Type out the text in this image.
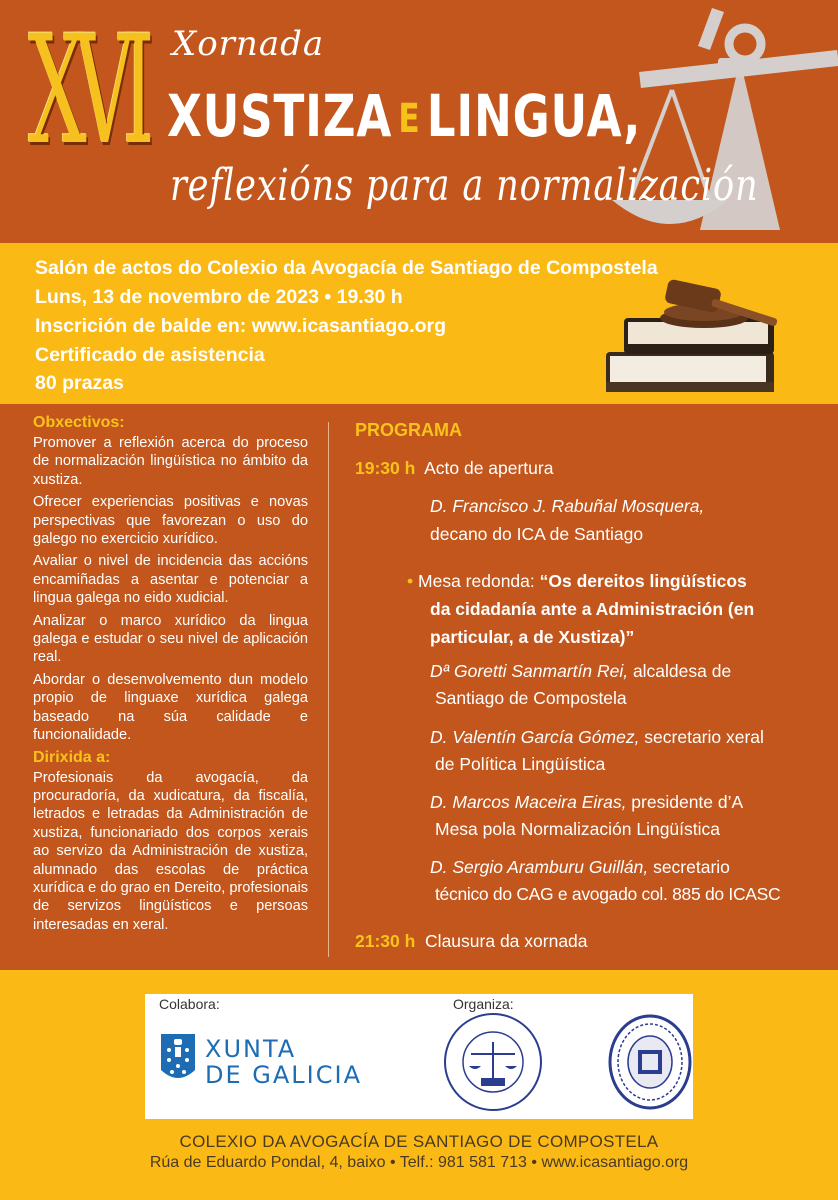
XVI Xornada
XUSTIZA E LINGUA,
reflexións para a normalización
Salón de actos do Colexio da Avogacía de Santiago de Compostela
Luns, 13 de novembro de 2023 • 19.30 h
Inscrición de balde en: www.icasantiago.org
Certificado de asistencia
80 prazas
Obxectivos:

Promover a reflexión acerca do proceso de normalización lingüística no ámbito da xustiza.

Ofrecer experiencias positivas e novas perspectivas que favorezan o uso do galego no exercicio xurídico.

Avaliar o nivel de incidencia das accións encamiñadas a asentar e potenciar a lingua galega no eido xudicial.

Analizar o marco xurídico da lingua galega e estudar o seu nivel de aplicación real.

Abordar o desenvolvemento dun modelo propio de linguaxe xurídica galega baseado na súa calidade e funcionalidade.

Dirixida a:

Profesionais da avogacía, da procuradoría, da xudicatura, da fiscalía, letrados e letradas da Administración de xustiza, funcionariado dos corpos xerais ao servizo da Administración de xustiza, alumnado das escolas de práctica xurídica e do grao en Dereito, profesionais de servizos lingüísticos e persoas interesadas en xeral.

PROGRAMA
19:30 h Acto de apertura
D. Francisco J. Rabuñal Mosquera,
decano do ICA de Santiago
• Mesa redonda: “Os dereitos lingüísticos
da cidadanía ante a Administración (en
particular, a de Xustiza)”
Dª Goretti Sanmartín Rei, alcaldesa de
Santiago de Compostela
D. Valentín García Gómez, secretario xeral
de Política Lingüística
D. Marcos Maceira Eiras, presidente d’A
Mesa pola Normalización Lingüística
D. Sergio Aramburu Guillán, secretario
técnico do CAG e avogado col. 885 do ICASC
21:30 h Clausura da xornada
Colabora:	Organiza:
XUNTA
DE GALICIA
COLEXIO DA AVOGACÍA DE SANTIAGO DE COMPOSTELA
Rúa de Eduardo Pondal, 4, baixo • Telf.: 981 581 713 • www.icasantiago.org
